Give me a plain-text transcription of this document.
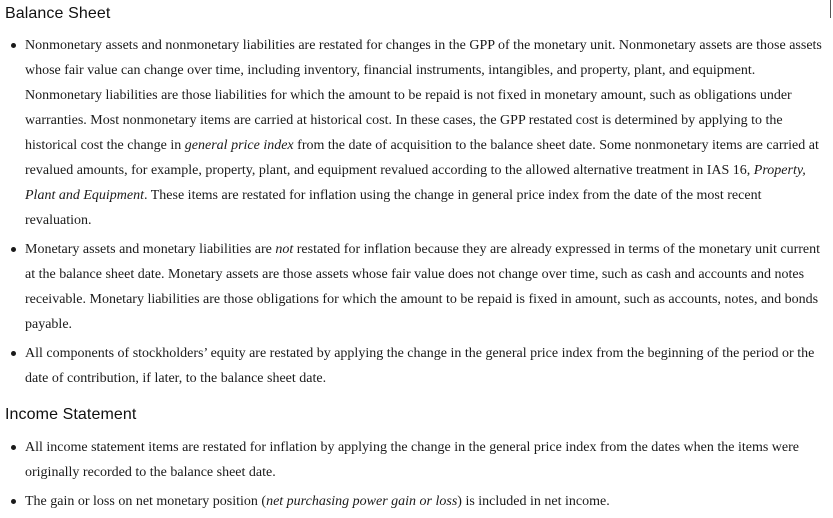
Balance Sheet
Nonmonetary assets and nonmonetary liabilities are restated for changes in the GPP of the monetary unit. Nonmonetary assets are those assets whose fair value can change over time, including inventory, financial instruments, intangibles, and property, plant, and equipment. Nonmonetary liabilities are those liabilities for which the amount to be repaid is not fixed in monetary amount, such as obligations under warranties. Most nonmonetary items are carried at historical cost. In these cases, the GPP restated cost is determined by applying to the historical cost the change in general price index from the date of acquisition to the balance sheet date. Some nonmonetary items are carried at revalued amounts, for example, property, plant, and equipment revalued according to the allowed alternative treatment in IAS 16, Property, Plant and Equipment. These items are restated for inflation using the change in general price index from the date of the most recent revaluation.
Monetary assets and monetary liabilities are not restated for inflation because they are already expressed in terms of the monetary unit current at the balance sheet date. Monetary assets are those assets whose fair value does not change over time, such as cash and accounts and notes receivable. Monetary liabilities are those obligations for which the amount to be repaid is fixed in amount, such as accounts, notes, and bonds payable.
All components of stockholders’ equity are restated by applying the change in the general price index from the beginning of the period or the date of contribution, if later, to the balance sheet date.
Income Statement
All income statement items are restated for inflation by applying the change in the general price index from the dates when the items were originally recorded to the balance sheet date.
The gain or loss on net monetary position (net purchasing power gain or loss) is included in net income.
